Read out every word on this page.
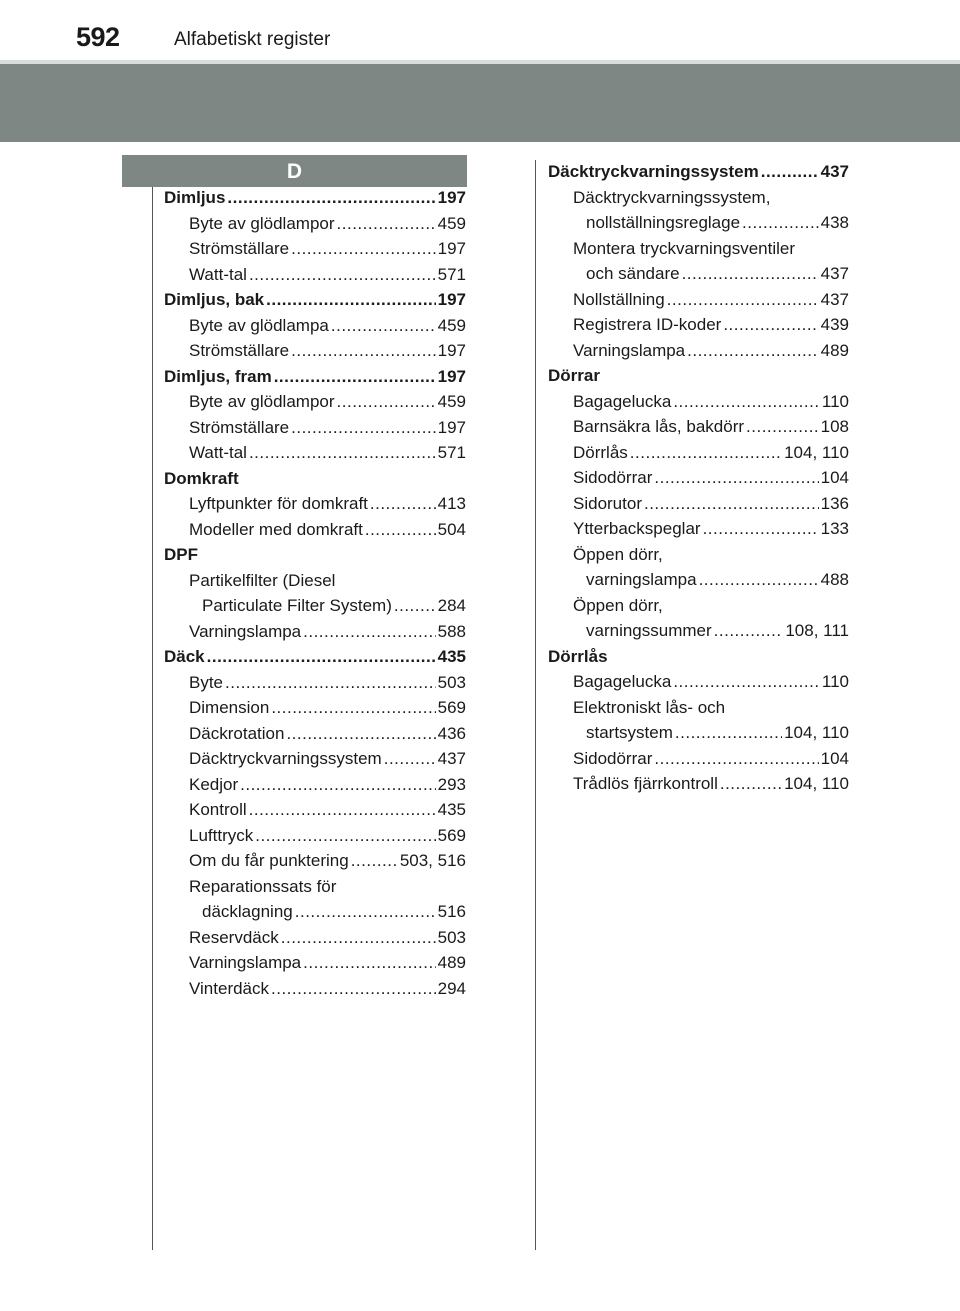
592	Alfabetiskt register
D
Dimljus .....	197
Byte av glödlampor .....	459
Strömställare .....	197
Watt-tal .....	571
Dimljus, bak .....	197
Byte av glödlampa .....	459
Strömställare .....	197
Dimljus, fram .....	197
Byte av glödlampor .....	459
Strömställare .....	197
Watt-tal .....	571
Domkraft
Lyftpunkter för domkraft .....	413
Modeller med domkraft .....	504
DPF
Partikelfilter (Diesel
Particulate Filter System) .....	284
Varningslampa .....	588
Däck .....	435
Byte .....	503
Dimension .....	569
Däckrotation .....	436
Däcktryckvarningssystem .....	437
Kedjor .....	293
Kontroll .....	435
Lufttryck .....	569
Om du får punktering .....	503, 516
Reparationssats för
däcklagning .....	516
Reservdäck .....	503
Varningslampa .....	489
Vinterdäck .....	294
Däcktryckvarningssystem .....	437
Däcktryckvarningssystem,
nollställningsreglage .....	438
Montera tryckvarningsventiler
och sändare .....	437
Nollställning .....	437
Registrera ID-koder .....	439
Varningslampa .....	489
Dörrar
Bagagelucka .....	110
Barnsäkra lås, bakdörr .....	108
Dörrlås .....	104, 110
Sidodörrar .....	104
Sidorutor .....	136
Ytterbackspeglar .....	133
Öppen dörr,
varningslampa .....	488
Öppen dörr,
varningssummer .....	108, 111
Dörrlås
Bagagelucka .....	110
Elektroniskt lås- och
startsystem .....	104, 110
Sidodörrar .....	104
Trådlös fjärrkontroll .....	104, 110
